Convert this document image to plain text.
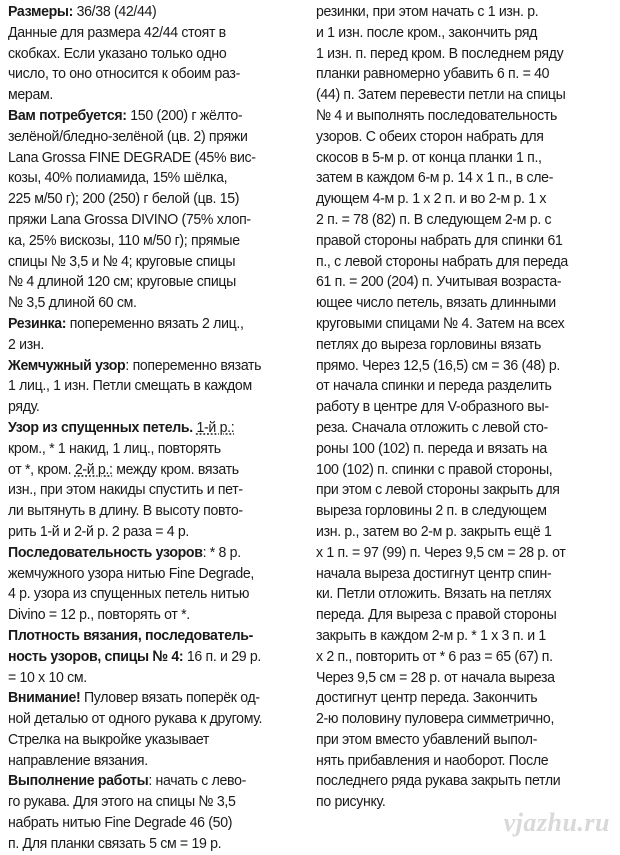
Размеры: 36/38 (42/44)
Данные для размера 42/44 стоят в
скобках. Если указано только одно
число, то оно относится к обоим раз-
мерам.
Вам потребуется: 150 (200) г жёлто-
зелёной/бледно-зелёной (цв. 2) пряжи
Lana Grossa FINE DEGRADE (45% вис-
козы, 40% полиамида, 15% шёлка,
225 м/50 г); 200 (250) г белой (цв. 15)
пряжи Lana Grossa DIVINO (75% хлоп-
ка, 25% вискозы, 110 м/50 г); прямые
спицы № 3,5 и № 4; круговые спицы
№ 4 длиной 120 см; круговые спицы
№ 3,5 длиной 60 см.
Резинка: попеременно вязать 2 лиц.,
2 изн.
Жемчужный узор: попеременно вязать
1 лиц., 1 изн. Петли смещать в каждом
ряду.
Узор из спущенных петель. 1-й р.:
кром., * 1 накид, 1 лиц., повторять
от *, кром. 2-й р.: между кром. вязать
изн., при этом накиды спустить и пет-
ли вытянуть в длину. В высоту повто-
рить 1-й и 2-й р. 2 раза = 4 р.
Последовательность узоров: * 8 р.
жемчужного узора нитью Fine Degrade,
4 р. узора из спущенных петель нитью
Divino = 12 р., повторять от *.
Плотность вязания, последователь-
ность узоров, спицы № 4: 16 п. и 29 р.
= 10 х 10 см.
Внимание! Пуловер вязать поперёк од-
ной деталью от одного рукава к другому.
Стрелка на выкройке указывает
направление вязания.
Выполнение работы: начать с лево-
го рукава. Для этого на спицы № 3,5
набрать нитью Fine Degrade 46 (50)
п. Для планки связать 5 см = 19 р.
резинки, при этом начать с 1 изн. р.
и 1 изн. после кром., закончить ряд
1 изн. п. перед кром. В последнем ряду
планки равномерно убавить 6 п. = 40
(44) п. Затем перевести петли на спицы
№ 4 и выполнять последовательность
узоров. С обеих сторон набрать для
скосов в 5-м р. от конца планки 1 п.,
затем в каждом 6-м р. 14 х 1 п., в сле-
дующем 4-м р. 1 х 2 п. и во 2-м р. 1 х
2 п. = 78 (82) п. В следующем 2-м р. с
правой стороны набрать для спинки 61
п., с левой стороны набрать для переда
61 п. = 200 (204) п. Учитывая возраста-
ющее число петель, вязать длинными
круговыми спицами № 4. Затем на всех
петлях до выреза горловины вязать
прямо. Через 12,5 (16,5) см = 36 (48) р.
от начала спинки и переда разделить
работу в центре для V-образного вы-
реза. Сначала отложить с левой сто-
роны 100 (102) п. переда и вязать на
100 (102) п. спинки с правой стороны,
при этом с левой стороны закрыть для
выреза горловины 2 п. в следующем
изн. р., затем во 2-м р. закрыть ещё 1
х 1 п. = 97 (99) п. Через 9,5 см = 28 р. от
начала выреза достигнут центр спин-
ки. Петли отложить. Вязать на петлях
переда. Для выреза с правой стороны
закрыть в каждом 2-м р. * 1 х 3 п. и 1
х 2 п., повторить от * 6 раз = 65 (67) п.
Через 9,5 см = 28 р. от начала выреза
достигнут центр переда. Закончить
2-ю половину пуловера симметрично,
при этом вместо убавлений выпол-
нять прибавления и наоборот. После
последнего ряда рукава закрыть петли
по рисунку.
vjazhu.ru
